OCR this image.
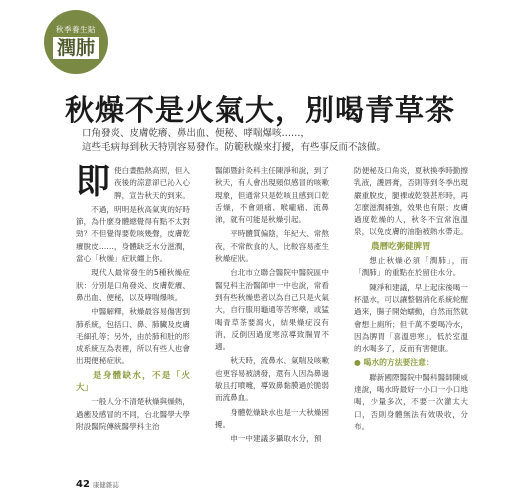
秋季養生貼
潤肺
秋燥不是火氣大，別喝青草茶
口角發炎、皮膚乾癢、鼻出血、便秘、哮喘爆咳……，
這些毛病每到秋天特別容易發作。防範秋燥來打擾，有些事反而不該做。

即使白晝酷熱高照，但入夜後的涼意卻已沁入心脾，宣告秋天的到來。

不過，明明是秋高氣爽的好時節，為什麼身體總覺得有點不太對勁？不但覺得要乾咳幾聲，皮膚乾癢脫皮……，身體缺乏水分滋潤，當心「秋燥」症狀纏上你。

現代人最常發生的5種秋燥症狀：分別是口角發炎、皮膚乾癢、鼻出血、便秘，以及哮喘爆咳。

中醫解釋，秋燥最容易傷害到肺系統，包括口、鼻、肺臟及皮膚毛細孔等；另外，由於肺和肚的形成系統互為表裡，所以有些人也會出現便秘症狀。

是身體缺水，不是「火大」

一般人分不清楚秋燥與燥熱，過癒及感冒的不同，台北醫學大學附設醫院傳統醫學科主治

醫師暨針灸科主任陳淨和說，到了秋天，有人會出現頻似感冒的咳嗽現象，但通常只是乾咳且感到口乾舌燥，不會頭痛、喉嚨痛、流鼻涕，就有可能是秋燥引起。

平時體質偏陰，年紀大、常熬夜，不常飲食的人，比較容易產生秋燥症狀。

台北市立聯合醫院中醫院區中醫兒科主治醫師申一中也說，常看到有些秋燥患者以為自己只是火氣大，自行服用龜通等苦寒藥，或猛喝青草茶要瀉火，結果燥症沒有消，反倒因過度寒涼導致腸胃不適。

秋天時，流鼻水、氣喘及咳嗽也更容易被誘發，還有人因為鼻過敏且打噴嚏，導致鼻黏膜過於脆弱而流鼻血。

身體乾燥缺水也是一大秋燥困擾。

申一中建議多攝取水分，預

防便秘及口角炎，夏秋換季時勤擦乳液，護唇膏，否則等到冬季出現嚴重脫皮，腿裸或乾裂甚形時，再怎麼滋潤補強，效果也有限；皮膚過度乾燥的人，秋冬不宜常泡溫泉，以免皮膚的油脂被熱水帶走。

農曆吃粥健脾胃

想止秋燥必須「潤肺」，而「潤肺」的重點在於留住水分。

陳淨和建議，早上起床後喝一杯溫水，可以讓整個消化系統轮醒過來，腸子開始蠕動，自然而然就會想上廁所；但千萬不要喝冷水，因為脾胃「喜溫惡寒」，低於室溫的水喝多了，反而有害健康。

● 喝水的方法要注意：

聯新國際醫院中醫科醫師陳威達說，喝水時最好一小口一小口地喝，少量多次，不要一次灌太大口，否則身體無法有效吸收，分布。

42 康健雜誌
